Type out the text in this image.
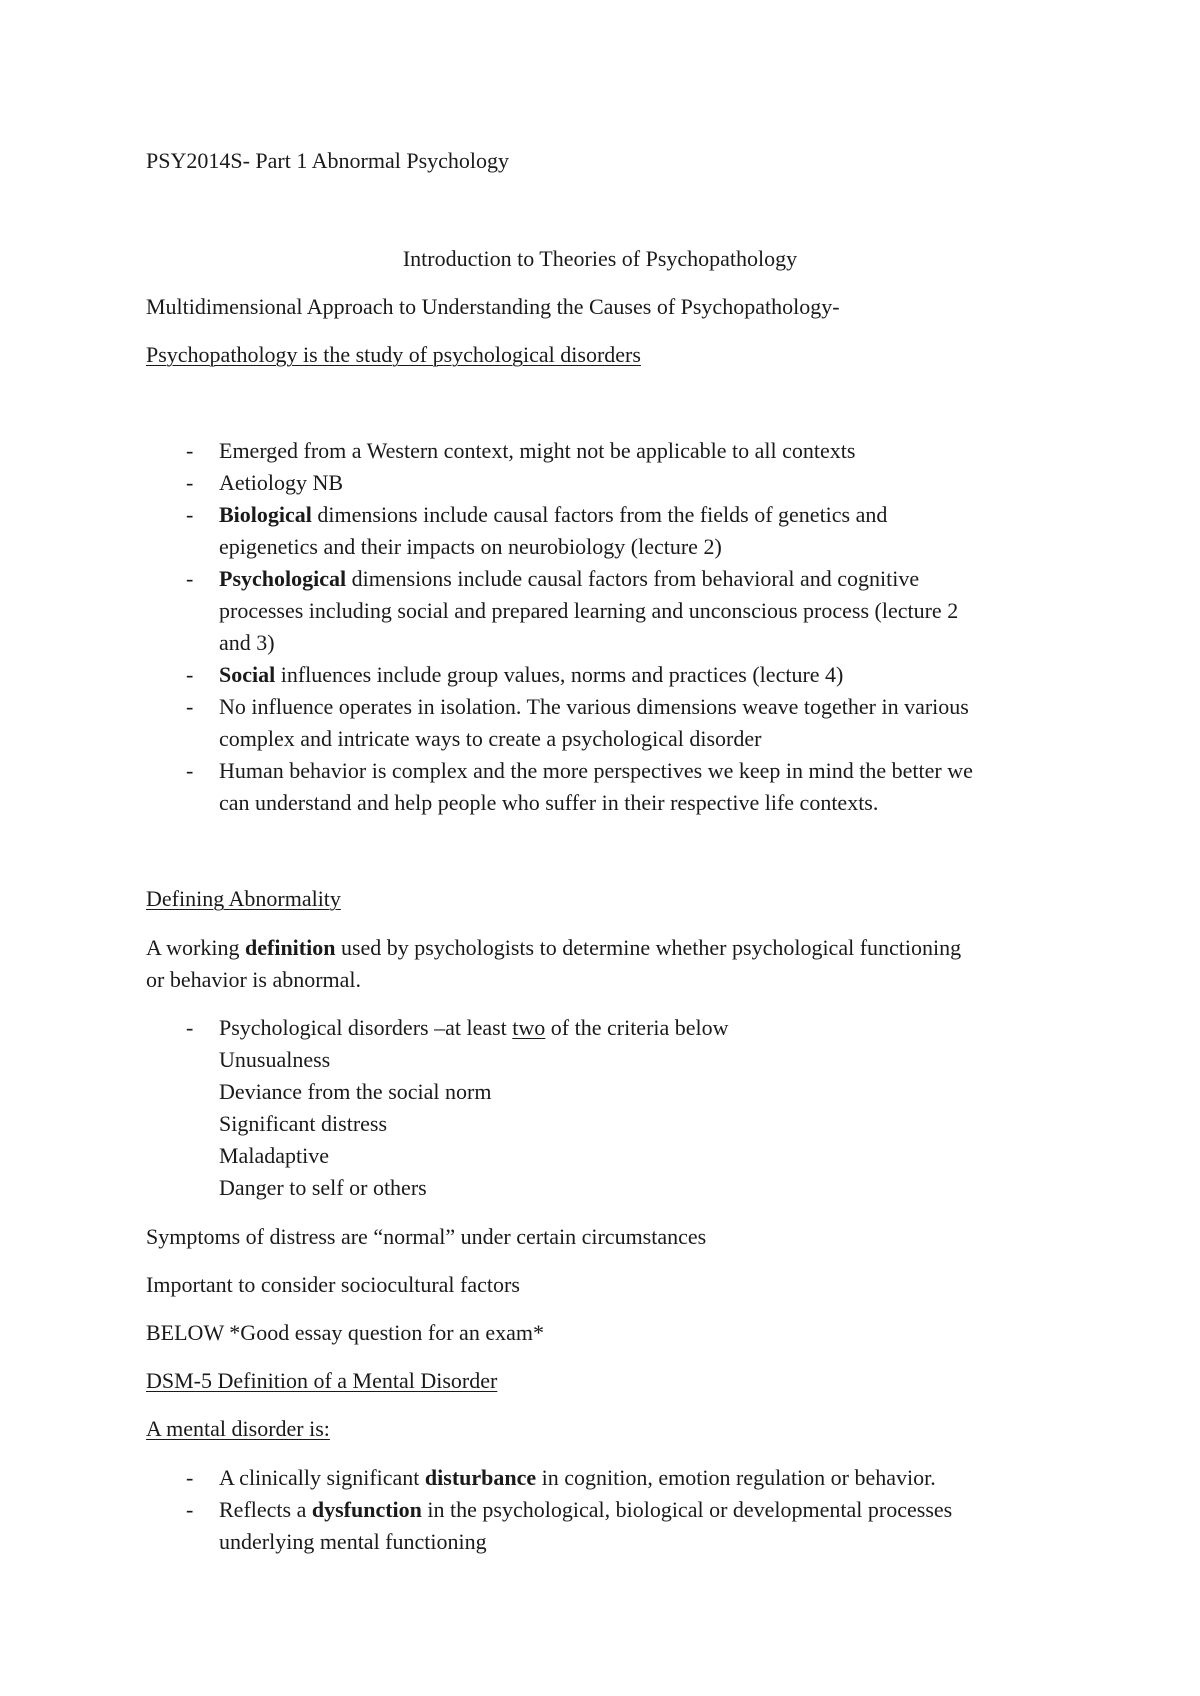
PSY2014S- Part 1 Abnormal Psychology
Introduction to Theories of Psychopathology
Multidimensional Approach to Understanding the Causes of Psychopathology-
Psychopathology is the study of psychological disorders
- Emerged from a Western context, might not be applicable to all contexts
- Aetiology NB
- Biological dimensions include causal factors from the fields of genetics and
epigenetics and their impacts on neurobiology (lecture 2)
- Psychological dimensions include causal factors from behavioral and cognitive
processes including social and prepared learning and unconscious process (lecture 2
and 3)
- Social influences include group values, norms and practices (lecture 4)
- No influence operates in isolation. The various dimensions weave together in various
complex and intricate ways to create a psychological disorder
- Human behavior is complex and the more perspectives we keep in mind the better we
can understand and help people who suffer in their respective life contexts.
Defining Abnormality
A working definition used by psychologists to determine whether psychological functioning
or behavior is abnormal.
- Psychological disorders –at least two of the criteria below
Unusualness
Deviance from the social norm
Significant distress
Maladaptive
Danger to self or others
Symptoms of distress are “normal” under certain circumstances
Important to consider sociocultural factors
BELOW *Good essay question for an exam*
DSM-5 Definition of a Mental Disorder
A mental disorder is:
- A clinically significant disturbance in cognition, emotion regulation or behavior.
- Reflects a dysfunction in the psychological, biological or developmental processes
underlying mental functioning
